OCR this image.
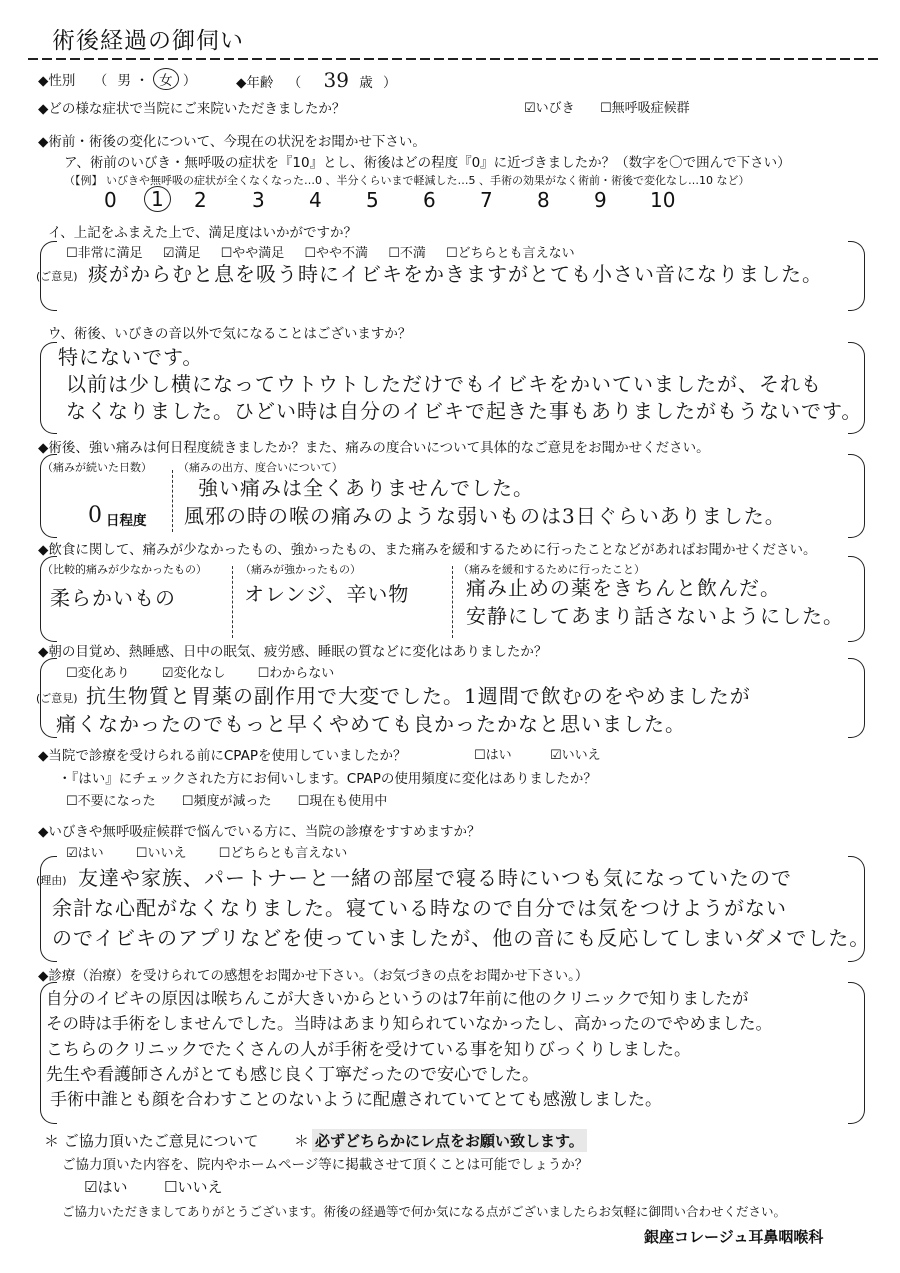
術後経過の御伺い
◆性別 （ 男 ・ 女 ）	◆年齢 （ 39 歳 ）
◆どの様な症状で当院にご来院いただきましたか？	☑いびき ☐無呼吸症候群
◆術前・術後の変化について、今現在の状況をお聞かせ下さい。
ア、術前のいびき・無呼吸の症状を『10』とし、術後はどの程度『0』に近づきましたか？（数字を〇で囲んで下さい）
（【例】 いびきや無呼吸の症状が全くなくなった…0 、半分くらいまで軽減した…5 、手術の効果がなく術前・術後で変化なし…10 など）
0	1	2 3 4 5 6 7 8 9 10
イ、上記をふまえた上で、満足度はいかがですか？
☐非常に満足 ☑満足 ☐やや満足 ☐やや不満 ☐不満 ☐どちらとも言えない
(ご意見) 痰がからむと息を吸う時にイビキをかきますがとても小さい音になりました。
ウ、術後、いびきの音以外で気になることはございますか？
特にないです。
以前は少し横になってウトウトしただけでもイビキをかいていましたが、それも
なくなりました。ひどい時は自分のイビキで起きた事もありましたがもうないです。
◆術後、強い痛みは何日程度続きましたか？また、痛みの度合いについて具体的なご意見をお聞かせください。
（痛みが続いた日数） （痛みの出方、度合いについて）
0 日程度
強い痛みは全くありませんでした。
風邪の時の喉の痛みのような弱いものは3日ぐらいありました。
◆飲食に関して、痛みが少なかったもの、強かったもの、また痛みを緩和するために行ったことなどがあればお聞かせください。
（比較的痛みが少なかったもの）	（痛みが強かったもの）	（痛みを緩和するために行ったこと）
柔らかいもの	オレンジ、辛い物	痛み止めの薬をきちんと飲んだ。
安静にしてあまり話さないようにした。
◆朝の目覚め、熱睡感、日中の眠気、疲労感、睡眠の質などに変化はありましたか？
☐変化あり ☑変化なし ☐わからない
(ご意見) 抗生物質と胃薬の副作用で大変でした。1週間で飲むのをやめましたが
痛くなかったのでもっと早くやめても良かったかなと思いました。
◆当院で診療を受けられる前にCPAPを使用していましたか？	☐はい	☑いいえ
・『はい』にチェックされた方にお伺いします。CPAPの使用頻度に変化はありましたか？
☐不要になった ☐頻度が減った ☐現在も使用中
◆いびきや無呼吸症候群で悩んでいる方に、当院の診療をすすめますか？
☑はい ☐いいえ ☐どちらとも言えない
(理由) 友達や家族、パートナーと一緒の部屋で寝る時にいつも気になっていたので
余計な心配がなくなりました。寝ている時なので自分では気をつけようがない
のでイビキのアプリなどを使っていましたが、他の音にも反応してしまいダメでした。
◆診療（治療）を受けられての感想をお聞かせ下さい。（お気づきの点をお聞かせ下さい。）
自分のイビキの原因は喉ちんこが大きいからというのは7年前に他のクリニックで知りましたが
その時は手術をしませんでした。当時はあまり知られていなかったし、高かったのでやめました。
こちらのクリニックでたくさんの人が手術を受けている事を知りびっくりしました。
先生や看護師さんがとても感じ良く丁寧だったので安心でした。
手術中誰とも顔を合わすことのないように配慮されていてとても感激しました。
＊ ご協力頂いたご意見について ＊ 必ずどちらかにレ点をお願い致します。
ご協力頂いた内容を、院内やホームページ等に掲載させて頂くことは可能でしょうか？
☑はい ☐いいえ
ご協力いただきましてありがとうございます。術後の経過等で何か気になる点がございましたらお気軽に御問い合わせください。
銀座コレージュ耳鼻咽喉科
